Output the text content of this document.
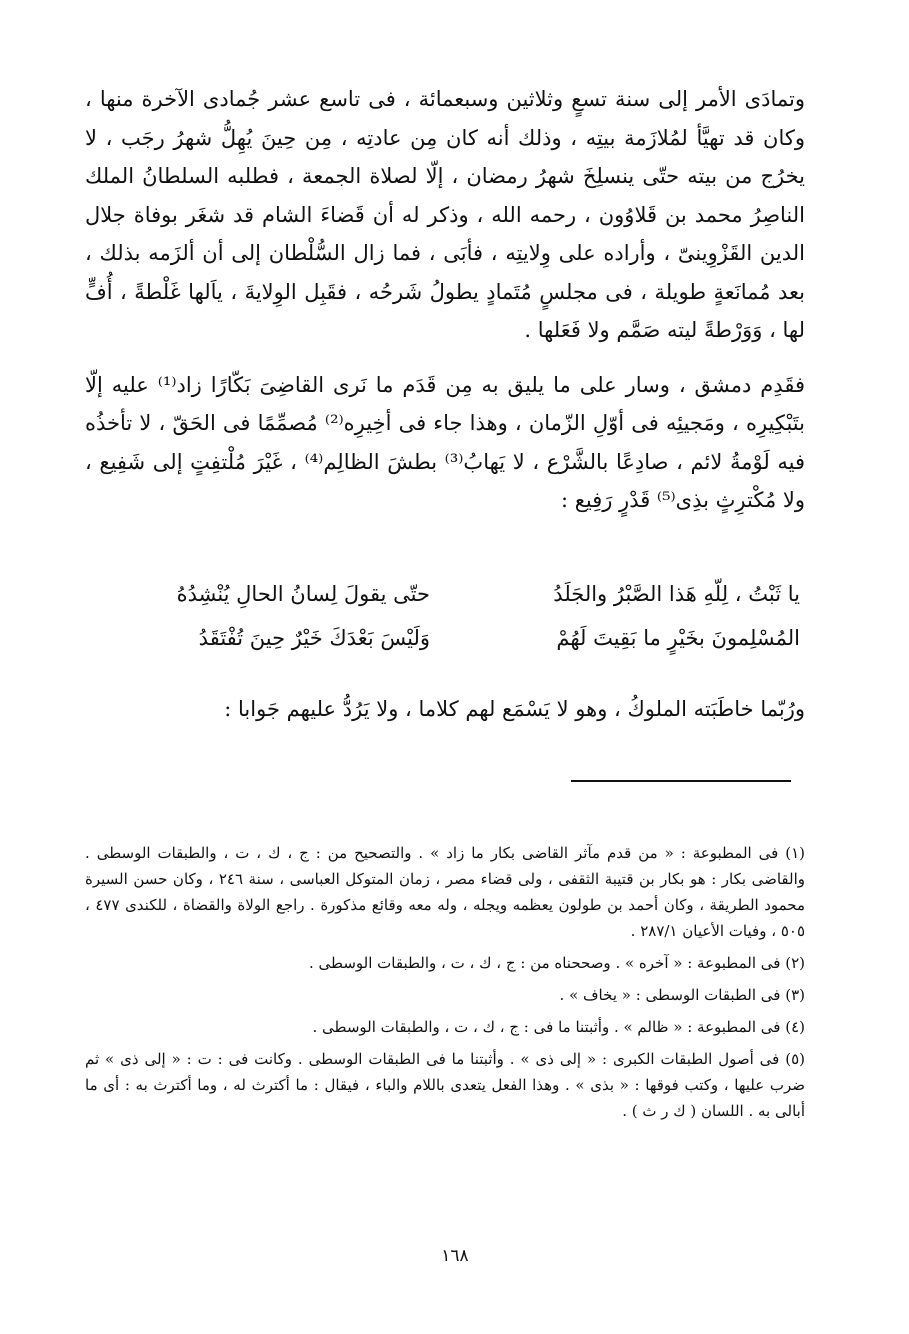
وتمادَى الأمر إلى سنة تسعٍ وثلاثين وسبعمائة ، فى تاسع عشر جُمادى الآخرة منها ، وكان قد تهيَّأ لمُلازَمة بيتِه ، وذلك أنه كان مِن عادتِه ، مِن حِينَ يُهِلُّ شهرُ رجَب ، لا يخرُج من بيته حتّى ينسلِخَ شهرُ رمضان ، إلّا لصلاة الجمعة ، فطلبه السلطانُ الملك الناصِرُ محمد بن قَلاوُون ، رحمه الله ، وذكر له أن قَضاءَ الشام قد شغَر بوفاة جلال الدين القَزْوِينىّ ، وأراده على وِلايتِه ، فأبَى ، فما زال السُّلْطان إلى أن ألزَمه بذلك ، بعد مُمانَعةٍ طويلة ، فى مجلسٍ مُتَمادٍ يطولُ شَرحُه ، فقَبِل الوِلايةَ ، ياَلها غَلْطةً ، أُفٍّ لها ، وَوَرْطةً ليته صَمَّم ولا فَعَلها .

فقَدِم دمشق ، وسار على ما يليق به مِن قَدَم ما نَرى القاضِىَ بَكّارًا زاد⁽¹⁾ عليه إلّا بتَبْكِيرِه ، ومَجيئِه فى أوّلِ الزّمان ، وهذا جاء فى أخِيرِه⁽²⁾ مُصمِّمًا فى الحَقّ ، لا تأخذُه فيه لَوْمةُ لائم ، صادِعًا بالشَّرْع ، لا يَهابُ⁽³⁾ بطشَ الظالِم⁽⁴⁾ ، غَيْرَ مُلْتفِتٍ إلى شَفِيع ، ولا مُكْترِثٍ بذِى⁽⁵⁾ قَدْرٍ رَفِيع :

يا ثَبْتُ ، لِلّهِ هَذا الصَّبْرُ والجَلَدُ
حتّى يقولَ لِسانُ الحالِ يُنْشِدُهُ
المُسْلِمونَ بخَيْرٍ ما بَقِيتَ لَهُمْ
وَلَيْسَ بَعْدَكَ خَيْرٌ حِينَ تُفْتَقَدُ
ورُبّما خاطَبَته الملوكُ ، وهو لا يَسْمَع لهم كلاما ، ولا يَرُدُّ عليهم جَوابا :

(١) فى المطبوعة : « من قدم مآثر القاضى بكار ما زاد » . والتصحيح من : ج ، ك ، ت ، والطبقات الوسطى . والقاضى بكار : هو بكار بن قتيبة الثقفى ، ولى قضاء مصر ، زمان المتوكل العباسى ، سنة ٢٤٦ ، وكان حسن السيرة محمود الطريقة ، وكان أحمد بن طولون يعظمه ويجله ، وله معه وقائع مذكورة . راجع الولاة والقضاة ، للكندى ٤٧٧ ، ٥٠٥ ، وفيات الأعيان ٢٨٧/١ .

(٢) فى المطبوعة : « آخره » . وصححناه من : ج ، ك ، ت ، والطبقات الوسطى .

(٣) فى الطبقات الوسطى : « يخاف » .

(٤) فى المطبوعة : « ظالم » . وأثبتنا ما فى : ج ، ك ، ت ، والطبقات الوسطى .

(٥) فى أصول الطبقات الكبرى : « إلى ذى » . وأثبتنا ما فى الطبقات الوسطى . وكانت فى : ت : « إلى ذى » ثم ضرب عليها ، وكتب فوقها : « بذى » . وهذا الفعل يتعدى باللام والباء ، فيقال : ما أكترث له ، وما أكترث به : أى ما أبالى به . اللسان ( ك ر ث ) .

١٦٨
